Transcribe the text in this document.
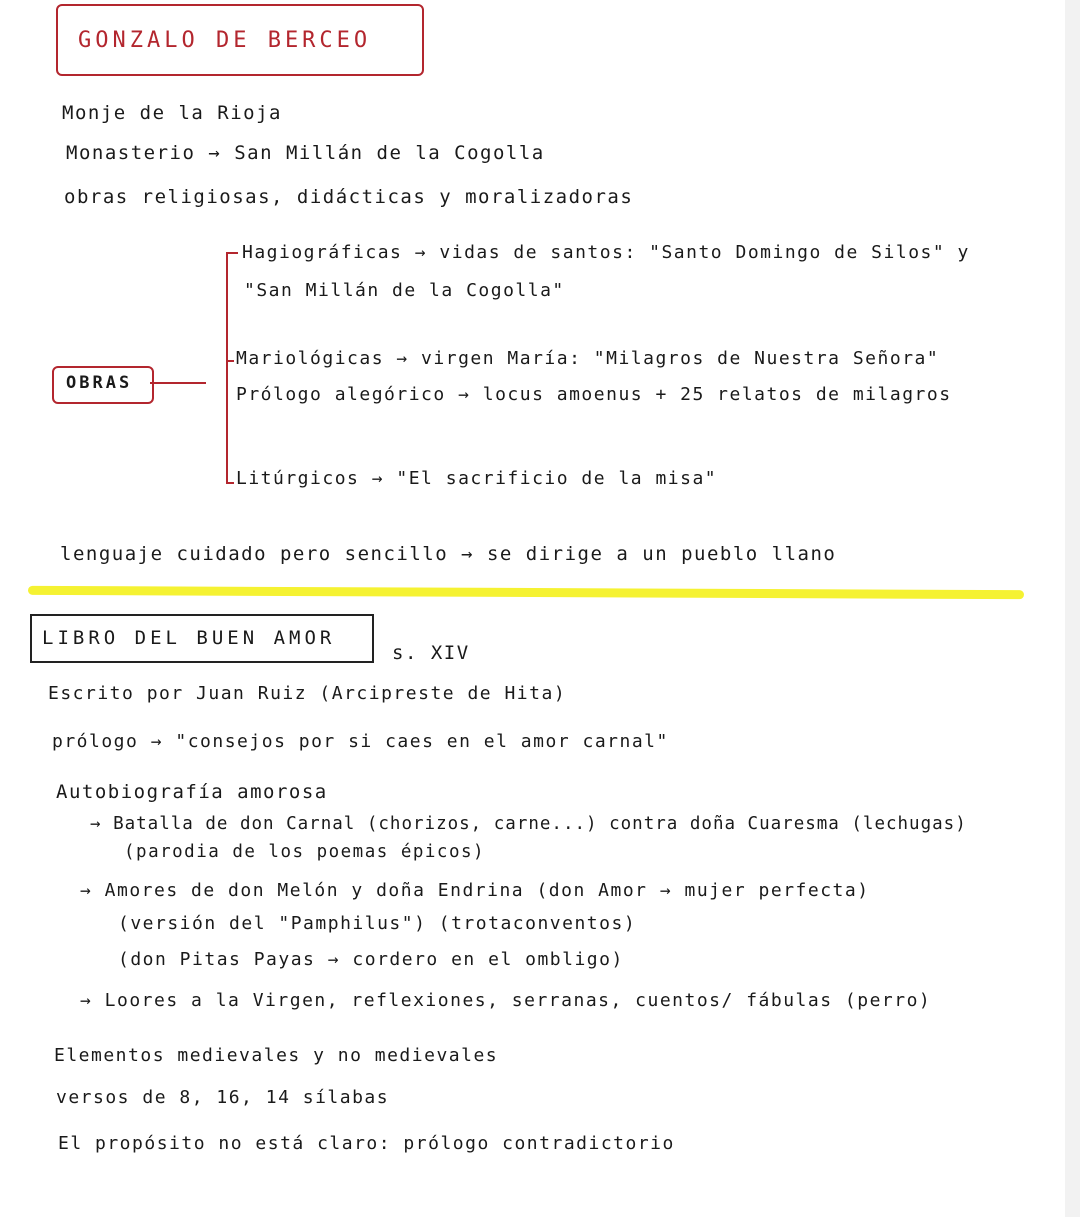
GONZALO DE BERCEO
Monje de la Rioja
Monasterio → San Millán de la Cogolla
obras religiosas, didácticas y moralizadoras
OBRAS
Hagiográficas → vidas de santos: "Santo Domingo de Silos" y
"San Millán de la Cogolla"
Mariológicas → virgen María: "Milagros de Nuestra Señora"
Prólogo alegórico → locus amoenus + 25 relatos de milagros
Litúrgicos → "El sacrificio de la misa"
lenguaje cuidado pero sencillo → se dirige a un pueblo llano
LIBRO DEL BUEN AMOR
s. XIV
Escrito por Juan Ruiz (Arcipreste de Hita)
prólogo → "consejos por si caes en el amor carnal"
Autobiografía amorosa
→ Batalla de don Carnal (chorizos, carne...) contra doña Cuaresma (lechugas)
(parodia de los poemas épicos)
→ Amores de don Melón y doña Endrina (don Amor → mujer perfecta)
(versión del "Pamphilus") (trotaconventos)
(don Pitas Payas → cordero en el ombligo)
→ Loores a la Virgen, reflexiones, serranas, cuentos/ fábulas (perro)
Elementos medievales y no medievales
versos de 8, 16, 14 sílabas
El propósito no está claro: prólogo contradictorio
